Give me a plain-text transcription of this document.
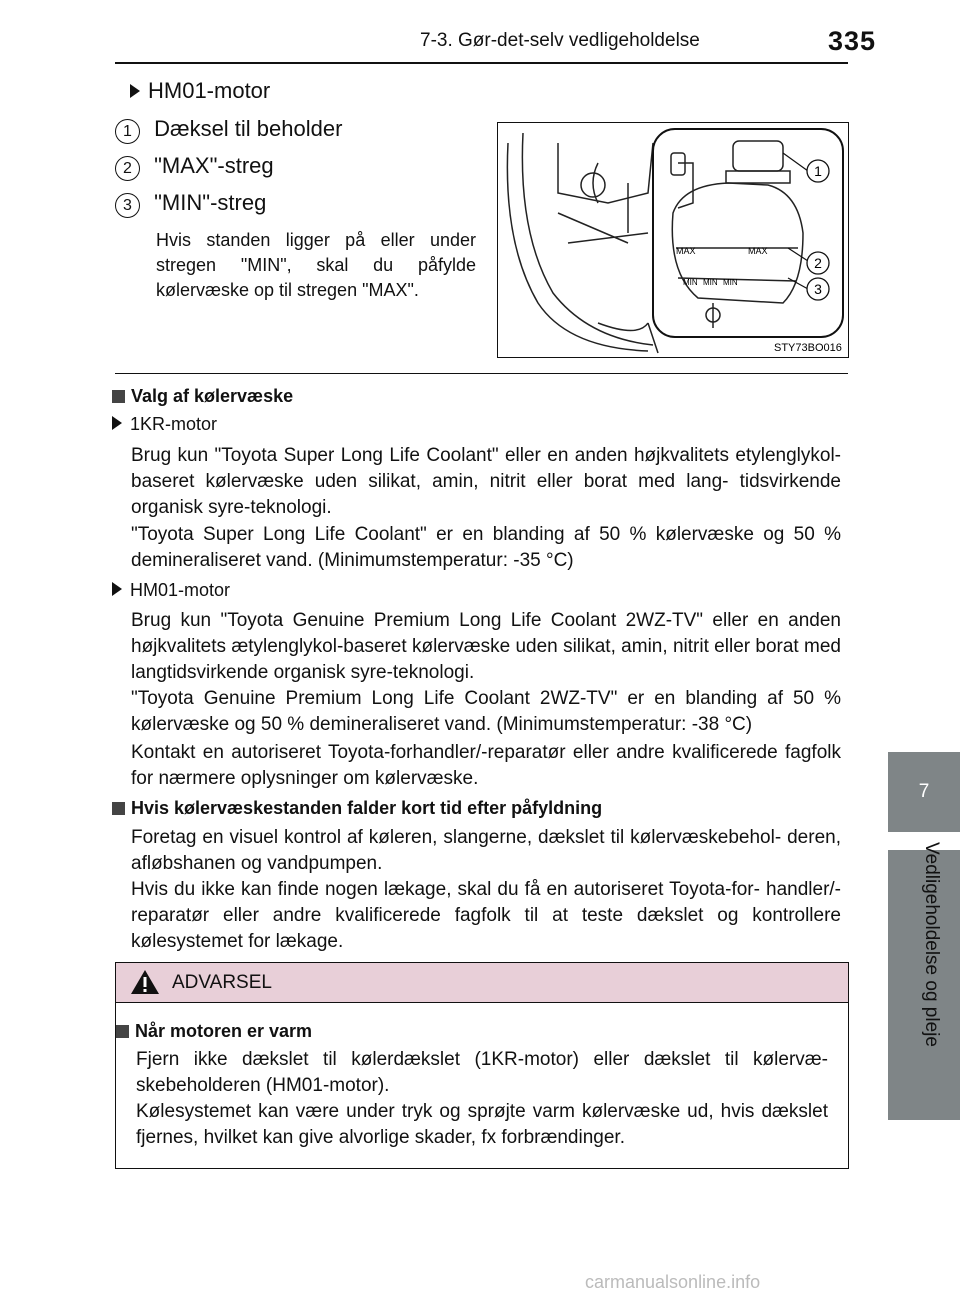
7-3. Gør-det-selv vedligeholdelse	335
7
Vedligeholdelse og pleje
HM01-motor
1 Dæksel til beholder
2 "MAX"-streg
3 "MIN"-streg
Hvis standen ligger på eller under stregen "MIN", skal du påfylde kølervæske op til stregen "MAX".
MAX	MAX
MIN MIN MIN
1
2
3
STY73BO016
Valg af kølervæske
1KR-motor
Brug kun "Toyota Super Long Life Coolant" eller en anden højkvalitets etylenglykol-baseret kølervæske uden silikat, amin, nitrit eller borat med lang- tidsvirkende organisk syre-teknologi.
"Toyota Super Long Life Coolant" er en blanding af 50 % kølervæske og 50 % demineraliseret vand. (Minimumstemperatur: -35 °C)
HM01-motor
Brug kun "Toyota Genuine Premium Long Life Coolant 2WZ-TV" eller en anden højkvalitets ætylenglykol-baseret kølervæske uden silikat, amin, nitrit eller borat med langtidsvirkende organisk syre-teknologi.
"Toyota Genuine Premium Long Life Coolant 2WZ-TV" er en blanding af 50 % kølervæske og 50 % demineraliseret vand. (Minimumstemperatur: -38 °C)
Kontakt en autoriseret Toyota-forhandler/-reparatør eller andre kvalificerede fagfolk for nærmere oplysninger om kølervæske.
Hvis kølervæskestanden falder kort tid efter påfyldning
Foretag en visuel kontrol af køleren, slangerne, dækslet til kølervæskebehol- deren, afløbshanen og vandpumpen.
Hvis du ikke kan finde nogen lækage, skal du få en autoriseret Toyota-for- handler/-reparatør eller andre kvalificerede fagfolk til at teste dækslet og kontrollere kølesystemet for lækage.
ADVARSEL
Når motoren er varm
Fjern ikke dækslet til kølerdækslet (1KR-motor) eller dækslet til kølervæ- skebeholderen (HM01-motor).
Kølesystemet kan være under tryk og sprøjte varm kølervæske ud, hvis dækslet fjernes, hvilket kan give alvorlige skader, fx forbrændinger.
carmanualsonline.info
